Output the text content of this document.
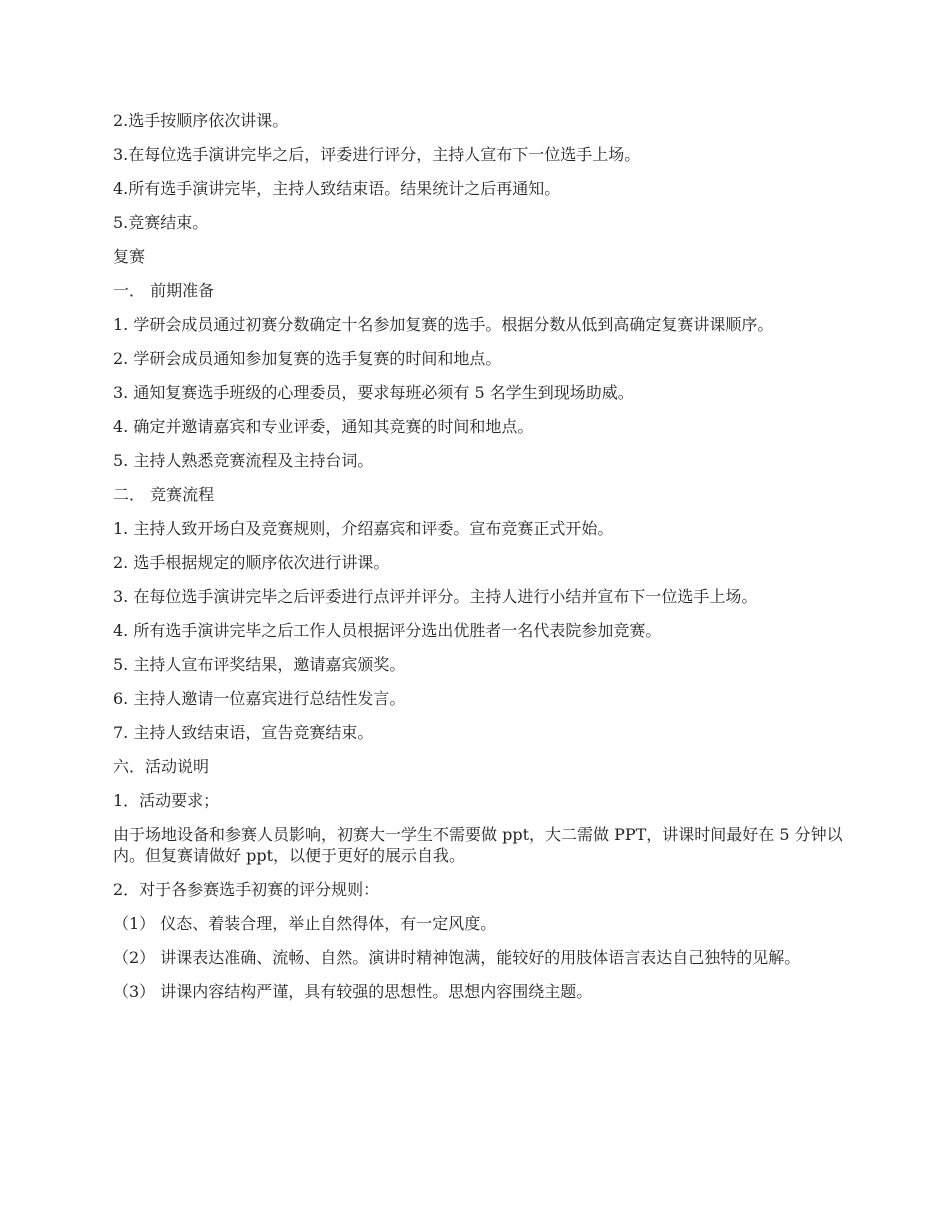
2.选手按顺序依次讲课。

3.在每位选手演讲完毕之后，评委进行评分，主持人宣布下一位选手上场。

4.所有选手演讲完毕，主持人致结束语。结果统计之后再通知。

5.竞赛结束。

复赛

一． 前期准备

1. 学研会成员通过初赛分数确定十名参加复赛的选手。根据分数从低到高确定复赛讲课顺序。

2. 学研会成员通知参加复赛的选手复赛的时间和地点。

3. 通知复赛选手班级的心理委员，要求每班必须有 5 名学生到现场助威。

4. 确定并邀请嘉宾和专业评委，通知其竞赛的时间和地点。

5. 主持人熟悉竞赛流程及主持台词。

二． 竞赛流程

1. 主持人致开场白及竞赛规则，介绍嘉宾和评委。宣布竞赛正式开始。

2. 选手根据规定的顺序依次进行讲课。

3. 在每位选手演讲完毕之后评委进行点评并评分。主持人进行小结并宣布下一位选手上场。

4. 所有选手演讲完毕之后工作人员根据评分选出优胜者一名代表院参加竞赛。

5. 主持人宣布评奖结果，邀请嘉宾颁奖。

6. 主持人邀请一位嘉宾进行总结性发言。

7. 主持人致结束语，宣告竞赛结束。

六．活动说明

1．活动要求；

由于场地设备和参赛人员影响，初赛大一学生不需要做 ppt，大二需做 PPT，讲课时间最好在 5 分钟以内。但复赛请做好 ppt，以便于更好的展示自我。

2．对于各参赛选手初赛的评分规则：

（1） 仪态、着装合理，举止自然得体，有一定风度。

（2） 讲课表达准确、流畅、自然。演讲时精神饱满，能较好的用肢体语言表达自己独特的见解。

（3） 讲课内容结构严谨，具有较强的思想性。思想内容围绕主题。
